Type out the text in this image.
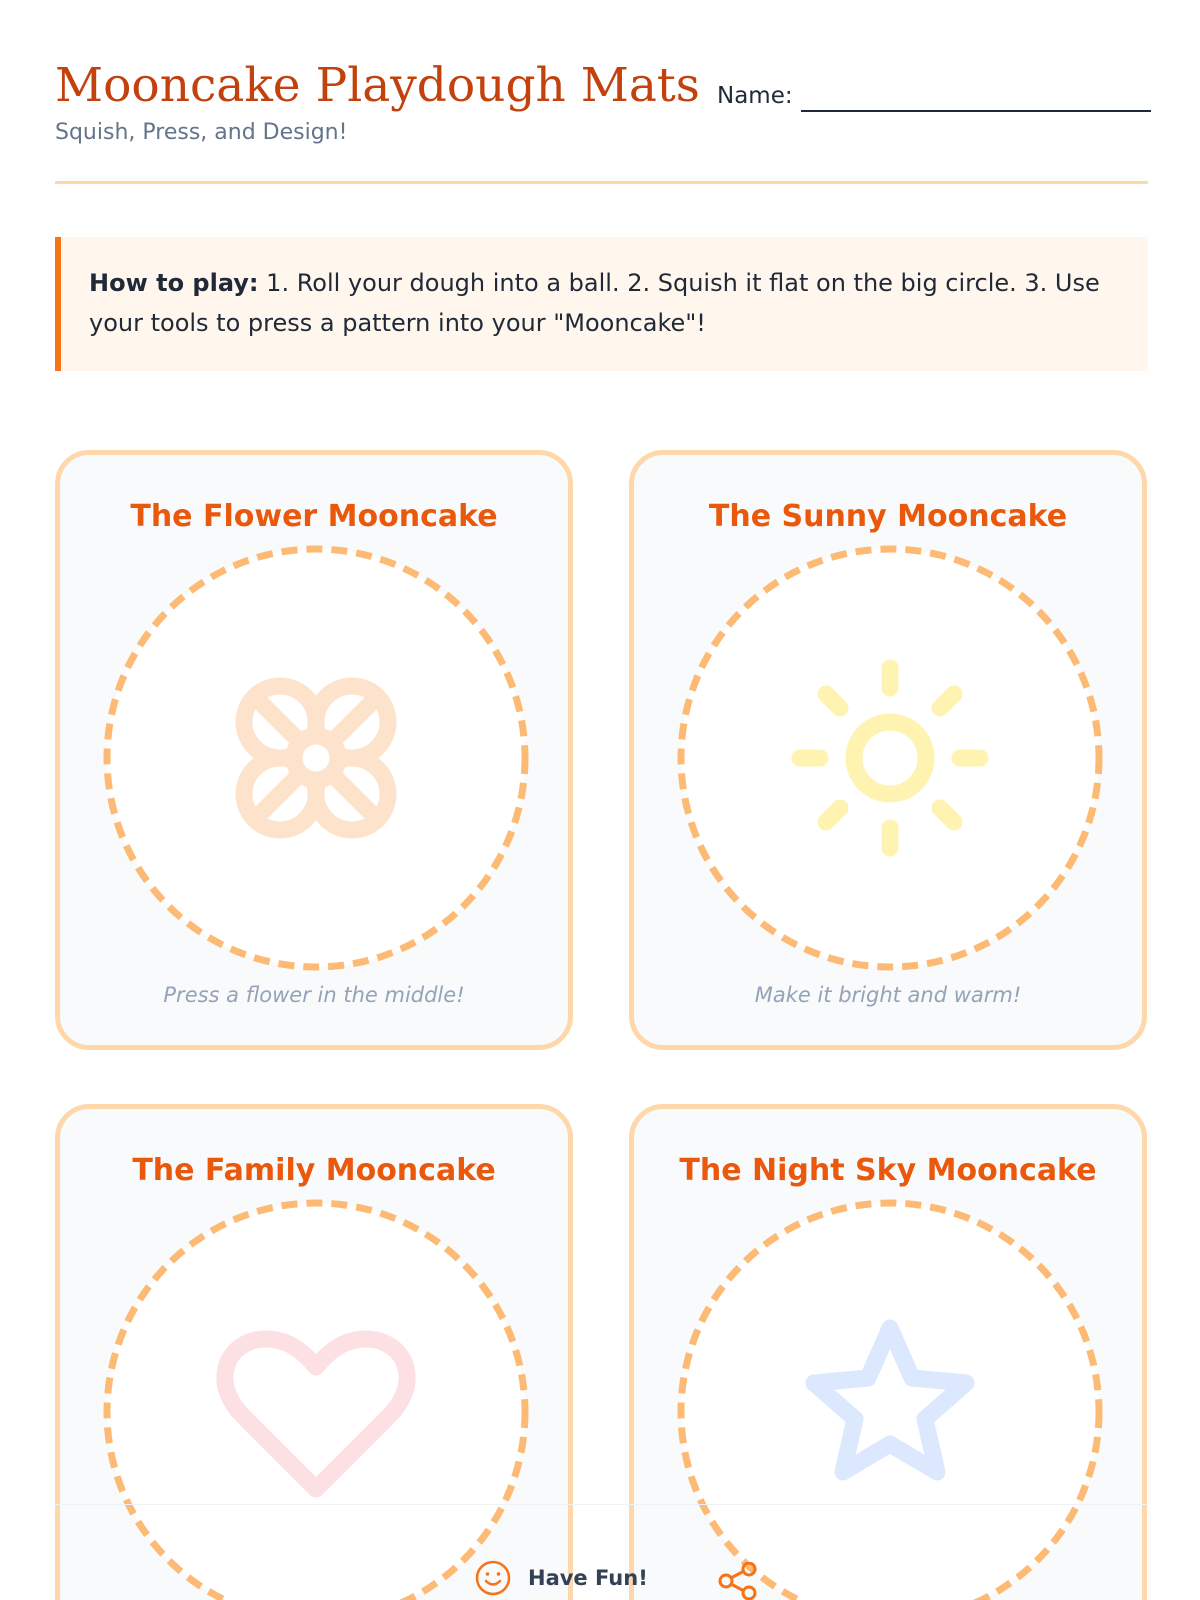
Mooncake Playdough Mats
Squish, Press, and Design!
Name:
How to play: 1. Roll your dough into a ball. 2. Squish it flat on the big circle. 3. Use your tools to press a pattern into your "Mooncake"!
The Flower Mooncake
Press a flower in the middle!
The Sunny Mooncake
Make it bright and warm!
The Family Mooncake	The Night Sky Mooncake
Have Fun!
